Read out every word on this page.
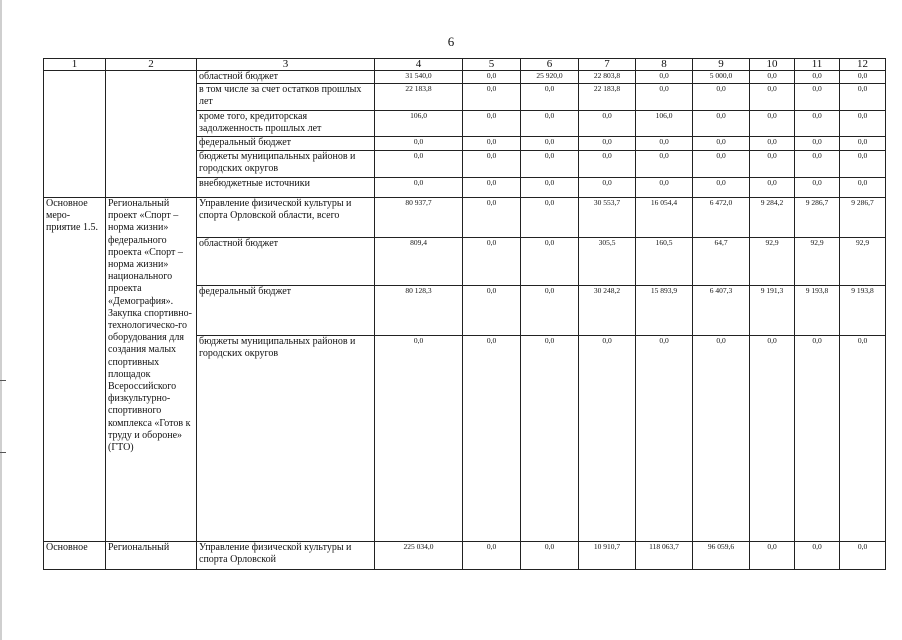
6
1	2	3	4	5	6	7	8	9	10	11	12
		областной бюджет	31 540,0	0,0	25 920,0	22 803,8	0,0	5 000,0	0,0	0,0	0,0
		в том числе за счет остатков прошлых лет	22 183,8	0,0	0,0	22 183,8	0,0	0,0	0,0	0,0	0,0
		кроме того, кредиторская задолженность прошлых лет	106,0	0,0	0,0	0,0	106,0	0,0	0,0	0,0	0,0
		федеральный бюджет	0,0	0,0	0,0	0,0	0,0	0,0	0,0	0,0	0,0
		бюджеты муниципальных районов и городских округов	0,0	0,0	0,0	0,0	0,0	0,0	0,0	0,0	0,0
		внебюджетные источники	0,0	0,0	0,0	0,0	0,0	0,0	0,0	0,0	0,0
Основное меро-приятие 1.5.	Региональный проект «Спорт – норма жизни» федерального проекта «Спорт – норма жизни» национального проекта «Демография». Закупка спортивно-технологическо-го оборудования для создания малых спортивных площадок Всероссийского физкультурно-спортивного комплекса «Готов к труду и обороне» (ГТО)	Управление физической культуры и спорта Орловской области, всего	80 937,7	0,0	0,0	30 553,7	16 054,4	6 472,0	9 284,2	9 286,7	9 286,7
		областной бюджет	809,4	0,0	0,0	305,5	160,5	64,7	92,9	92,9	92,9
		федеральный бюджет	80 128,3	0,0	0,0	30 248,2	15 893,9	6 407,3	9 191,3	9 193,8	9 193,8
		бюджеты муниципальных районов и городских округов	0,0	0,0	0,0	0,0	0,0	0,0	0,0	0,0	0,0
Основное	Региональный	Управление физической культуры и спорта Орловской	225 034,0	0,0	0,0	10 910,7	118 063,7	96 059,6	0,0	0,0	0,0
